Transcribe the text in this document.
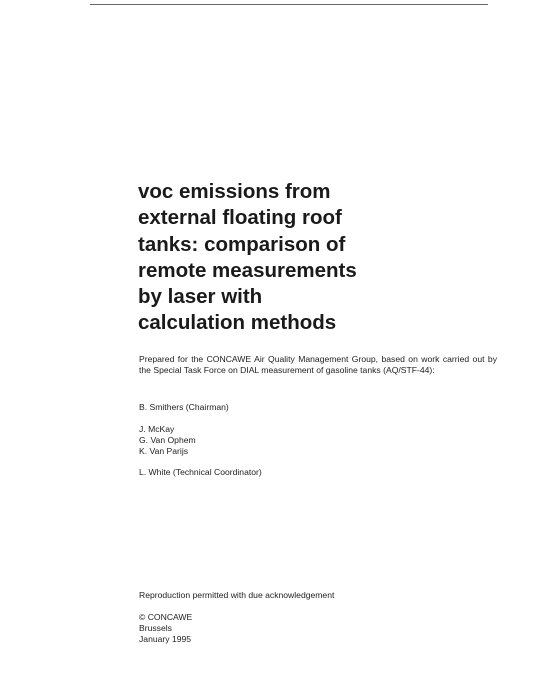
voc emissions from
external floating roof
tanks: comparison of
remote measurements
by laser with
calculation methods

Prepared for the CONCAWE Air Quality Management Group, based on work carried out by the Special Task Force on DIAL measurement of gasoline tanks (AQ/STF-44):

B. Smithers (Chairman)

J. McKay

G. Van Ophem

K. Van Parijs

L. White (Technical Coordinator)

Reproduction permitted with due acknowledgement

© CONCAWE

Brussels

January 1995
